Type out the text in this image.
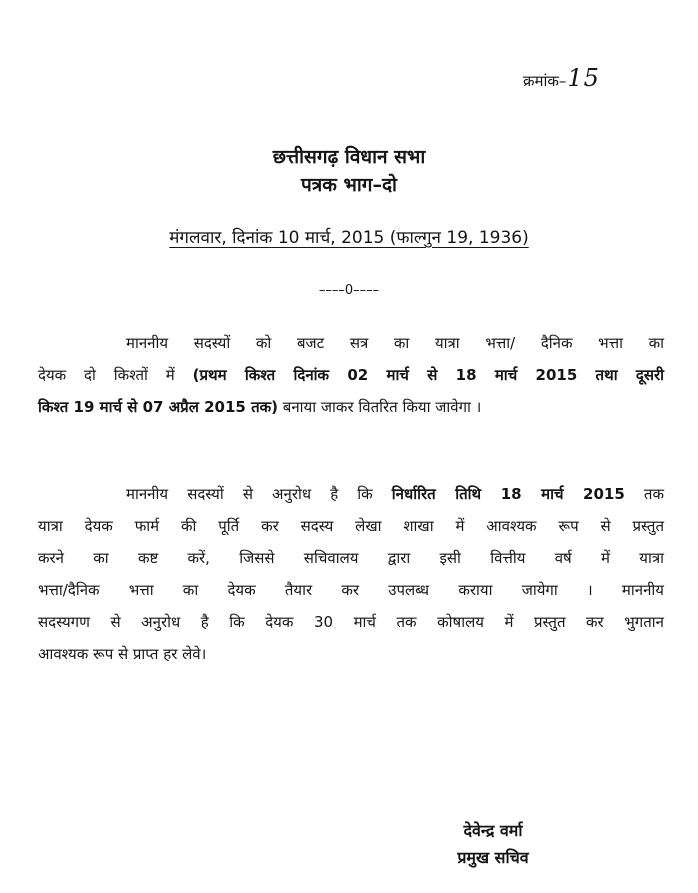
क्रमांक–15
छत्तीसगढ़ विधान सभा
पत्रक भाग–दो
मंगलवार, दिनांक 10 मार्च, 2015 (फाल्गुन 19, 1936)
––––0––––
माननीय सदस्यों को बजट सत्र का यात्रा भत्ता/ दैनिक भत्ता का
देयक दो किश्तों में (प्रथम किश्त दिनांक 02 मार्च से 18 मार्च 2015 तथा दूसरी
किश्त 19 मार्च से 07 अप्रैल 2015 तक) बनाया जाकर वितरित किया जावेगा ।
माननीय सदस्यों से अनुरोध है कि निर्धारित तिथि 18 मार्च 2015 तक
यात्रा देयक फार्म की पूर्ति कर सदस्य लेखा शाखा में आवश्यक रूप से प्रस्तुत
करने का कष्ट करें, जिससे सचिवालय द्वारा इसी वित्तीय वर्ष में यात्रा
भत्ता/दैनिक भत्ता का देयक तैयार कर उपलब्ध कराया जायेगा । माननीय
सदस्यगण से अनुरोध है कि देयक 30 मार्च तक कोषालय में प्रस्तुत कर भुगतान
आवश्यक रूप से प्राप्त हर लेवे।
देवेन्द्र वर्मा
प्रमुख सचिव
